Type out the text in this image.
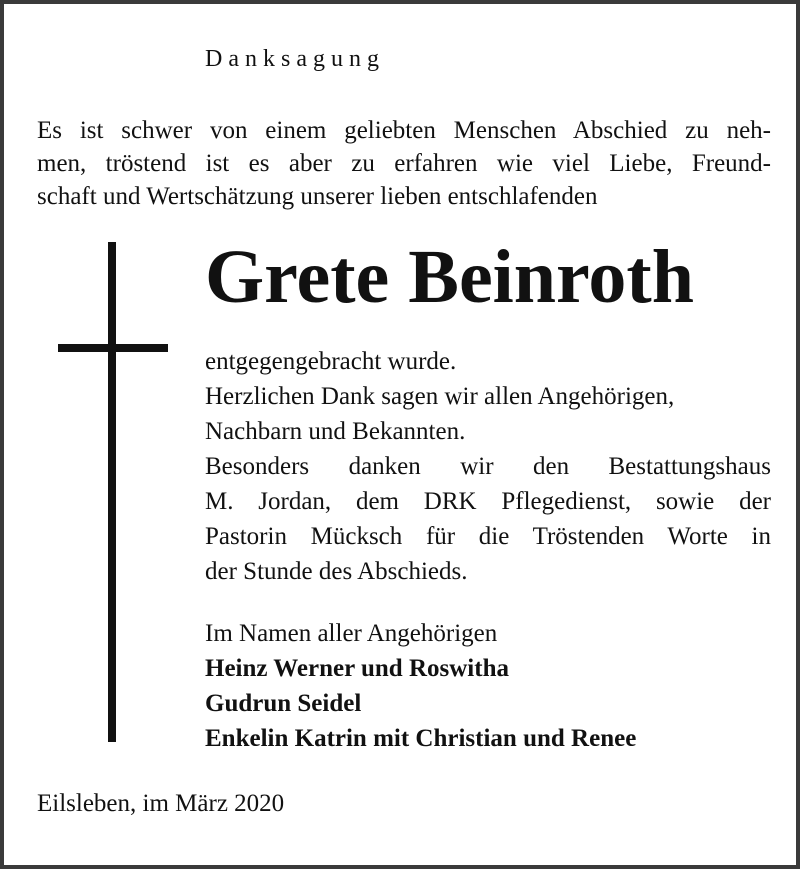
Danksagung
Es ist schwer von einem geliebten Menschen Abschied zu neh-
men, tröstend ist es aber zu erfahren wie viel Liebe, Freund-
schaft und Wertschätzung unserer lieben entschlafenden
Grete Beinroth
entgegengebracht wurde.
Herzlichen Dank sagen wir allen Angehörigen,
Nachbarn und Bekannten.
Besonders danken wir den Bestattungshaus
M. Jordan, dem DRK Pflegedienst, sowie der
Pastorin Mücksch für die Tröstenden Worte in
der Stunde des Abschieds.
Im Namen aller Angehörigen
Heinz Werner und Roswitha
Gudrun Seidel
Enkelin Katrin mit Christian und Renee
Eilsleben, im März 2020
